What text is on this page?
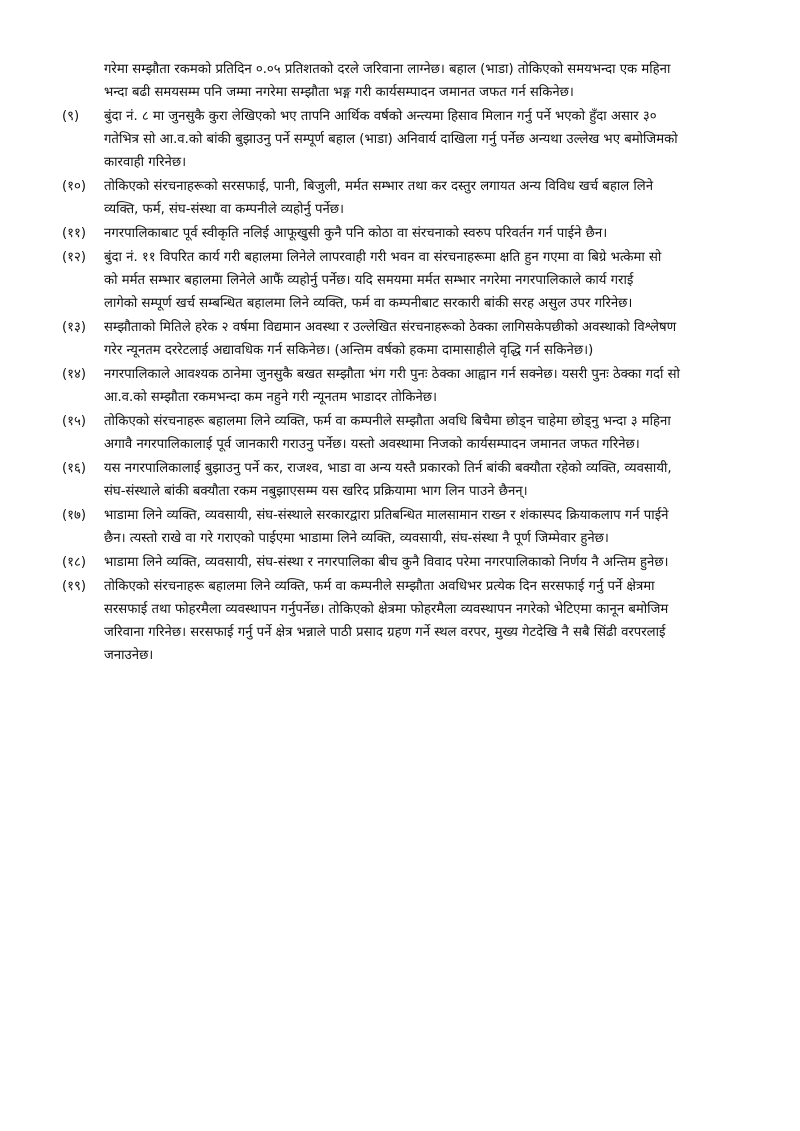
गरेमा सम्झौता रकमको प्रतिदिन ०.०५ प्रतिशतको दरले जरिवाना लाग्नेछ। बहाल (भाडा) तोकिएको समयभन्दा एक महिना
भन्दा बढी समयसम्म पनि जम्मा नगरेमा सम्झौता भङ्ग गरी कार्यसम्पादन जमानत जफत गर्न सकिनेछ।
(९)	बुंदा नं. ८ मा जुनसुकै कुरा लेखिएको भए तापनि आर्थिक वर्षको अन्त्यमा हिसाव मिलान गर्नु पर्ने भएको हुँदा असार ३०
गतेभित्र सो आ.व.को बांकी बुझाउनु पर्ने सम्पूर्ण बहाल (भाडा) अनिवार्य दाखिला गर्नु पर्नेछ अन्यथा उल्लेख भए बमोजिमको
कारवाही गरिनेछ।
(१०)	तोकिएको संरचनाहरूको सरसफाई, पानी, बिजुली, मर्मत सम्भार तथा कर दस्तुर लगायत अन्य विविध खर्च बहाल लिने
व्यक्ति, फर्म, संघ-संस्था वा कम्पनीले व्यहोर्नु पर्नेछ।
(११)	नगरपालिकाबाट पूर्व स्वीकृति नलिई आफूखुसी कुनै पनि कोठा वा संरचनाको स्वरुप परिवर्तन गर्न पाईने छैन।
(१२)	बुंदा नं. ११ विपरित कार्य गरी बहालमा लिनेले लापरवाही गरी भवन वा संरचनाहरूमा क्षति हुन गएमा वा बिग्रे भत्केमा सो
को मर्मत सम्भार बहालमा लिनेले आफैं व्यहोर्नु पर्नेछ। यदि समयमा मर्मत सम्भार नगरेमा नगरपालिकाले कार्य गराई
लागेको सम्पूर्ण खर्च सम्बन्धित बहालमा लिने व्यक्ति, फर्म वा कम्पनीबाट सरकारी बांकी सरह असुल उपर गरिनेछ।
(१३)	सम्झौताको मितिले हरेक २ वर्षमा विद्यमान अवस्था र उल्लेखित संरचनाहरूको ठेक्का लागिसकेपछीको अवस्थाको विश्लेषण
गरेर न्यूनतम दररेटलाई अद्यावधिक गर्न सकिनेछ। (अन्तिम वर्षको हकमा दामासाहीले वृद्धि गर्न सकिनेछ।)
(१४)	नगरपालिकाले आवश्यक ठानेमा जुनसुकै बखत सम्झौता भंग गरी पुनः ठेक्का आह्वान गर्न सक्नेछ। यसरी पुनः ठेक्का गर्दा सो
आ.व.को सम्झौता रकमभन्दा कम नहुने गरी न्यूनतम भाडादर तोकिनेछ।
(१५)	तोकिएको संरचनाहरू बहालमा लिने व्यक्ति, फर्म वा कम्पनीले सम्झौता अवधि बिचैमा छोड्न चाहेमा छोड्नु भन्दा ३ महिना
अगावै नगरपालिकालाई पूर्व जानकारी गराउनु पर्नेछ। यस्तो अवस्थामा निजको कार्यसम्पादन जमानत जफत गरिनेछ।
(१६)	यस नगरपालिकालाई बुझाउनु पर्ने कर, राजश्व, भाडा वा अन्य यस्तै प्रकारको तिर्न बांकी बक्यौता रहेको व्यक्ति, व्यवसायी,
संघ-संस्थाले बांकी बक्यौता रकम नबुझाएसम्म यस खरिद प्रक्रियामा भाग लिन पाउने छैनन्।
(१७)	भाडामा लिने व्यक्ति, व्यवसायी, संघ-संस्थाले सरकारद्वारा प्रतिबन्धित मालसामान राख्न र शंकास्पद क्रियाकलाप गर्न पाईने
छैन। त्यस्तो राखे वा गरे गराएको पाईएमा भाडामा लिने व्यक्ति, व्यवसायी, संघ-संस्था नै पूर्ण जिम्मेवार हुनेछ।
(१८)	भाडामा लिने व्यक्ति, व्यवसायी, संघ-संस्था र नगरपालिका बीच कुनै विवाद परेमा नगरपालिकाको निर्णय नै अन्तिम हुनेछ।
(१९)	तोकिएको संरचनाहरू बहालमा लिने व्यक्ति, फर्म वा कम्पनीले सम्झौता अवधिभर प्रत्येक दिन सरसफाई गर्नु पर्ने क्षेत्रमा
सरसफाई तथा फोहरमैला व्यवस्थापन गर्नुपर्नेछ। तोकिएको क्षेत्रमा फोहरमैला व्यवस्थापन नगरेको भेटिएमा कानून बमोजिम
जरिवाना गरिनेछ। सरसफाई गर्नु पर्ने क्षेत्र भन्नाले पाठी प्रसाद ग्रहण गर्ने स्थल वरपर, मुख्य गेटदेखि नै सबै सिंढी वरपरलाई
जनाउनेछ।
